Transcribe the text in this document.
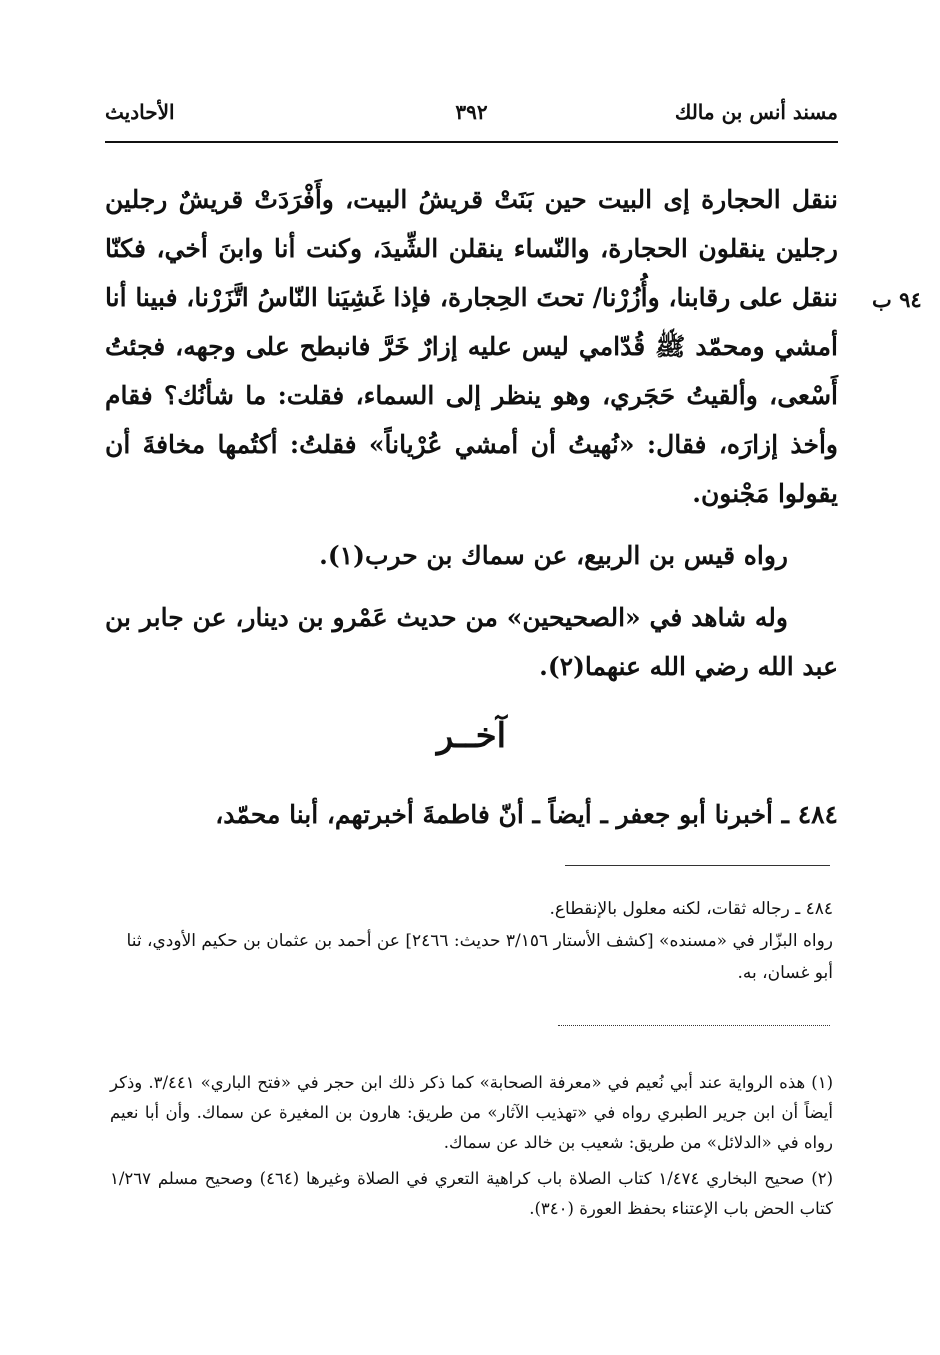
مسند أنس بن مالك
٣٩٢
الأحاديث
٩٤ ب

ننقل الحجارة إى البيت حين بَنَتْ قريشُ البيت، وأَفْرَدَتْ قريشٌ رجلين رجلين ينقلون الحجارة، والنّساء ينقلن الشِّيدَ، وكنت أنا وابنَ أخي، فكنّا ننقل على رقابنا، وأُزُرْنا/ تحتَ الحِجارة، فإذا غَشِيَنا النّاسُ اتَّزَرْنا، فبينا أنا أمشي ومحمّد ﷺ قُدّامي ليس عليه إزارٌ خَرَّ فانبطح على وجهه، فجئتُ أَسْعى، وألقيتُ حَجَري، وهو ينظر إلى السماء، فقلت: ما شأنُك؟ فقام وأخذ إزارَه، فقال: «نُهيتُ أن أمشي عُرْياناً» فقلتُ: أكتُمها مخافةَ أن يقولوا مَجْنون.

رواه قيس بن الربيع، عن سماك بن حرب(١).

وله شاهد في «الصحيحين» من حديث عَمْرو بن دينار، عن جابر بن عبد الله رضي الله عنهما(٢).

آخــر
٤٨٤ ـ أخبرنا أبو جعفر ـ أيضاً ـ أنّ فاطمةَ أخبرتهم، أبنا محمّد،

٤٨٤ ـ رجاله ثقات، لكنه معلول بالإنقطاع.

رواه البزّار في «مسنده» [كشف الأستار ٣/١٥٦ حديث: ٢٤٦٦] عن أحمد بن عثمان بن حكيم الأودي، ثنا أبو غسان، به.

(١) هذه الرواية عند أبي نُعيم في «معرفة الصحابة» كما ذكر ذلك ابن حجر في «فتح الباري» ٣/٤٤١. وذكر أيضاً أن ابن جرير الطبري رواه في «تهذيب الآثار» من طريق: هارون بن المغيرة عن سماك. وأن أبا نعيم رواه في «الدلائل» من طريق: شعيب بن خالد عن سماك.

(٢) صحيح البخاري ١/٤٧٤ كتاب الصلاة باب كراهية التعري في الصلاة وغيرها (٤٦٤) وصحيح مسلم ١/٢٦٧ كتاب الحض باب الإعتناء بحفظ العورة (٣٤٠).
